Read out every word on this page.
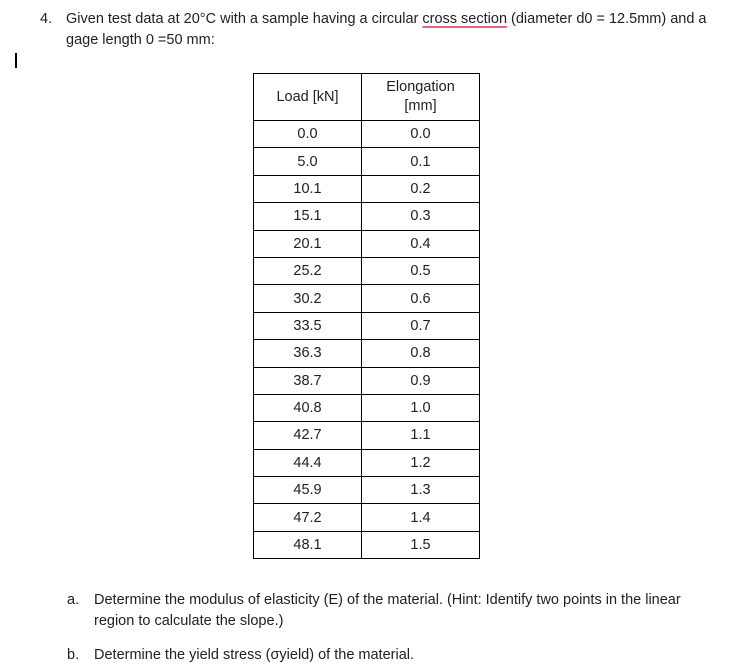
4. Given test data at 20°C with a sample having a circular cross section (diameter d0 = 12.5mm) and a gage length 0 =50 mm:
Load [kN]	Elongation
[mm]
0.0	0.0
5.0	0.1
10.1	0.2
15.1	0.3
20.1	0.4
25.2	0.5
30.2	0.6
33.5	0.7
36.3	0.8
38.7	0.9
40.8	1.0
42.7	1.1
44.4	1.2
45.9	1.3
47.2	1.4
48.1	1.5
a. Determine the modulus of elasticity (E) of the material. (Hint: Identify two points in the linear region to calculate the slope.)
b. Determine the yield stress (σyield) of the material.
